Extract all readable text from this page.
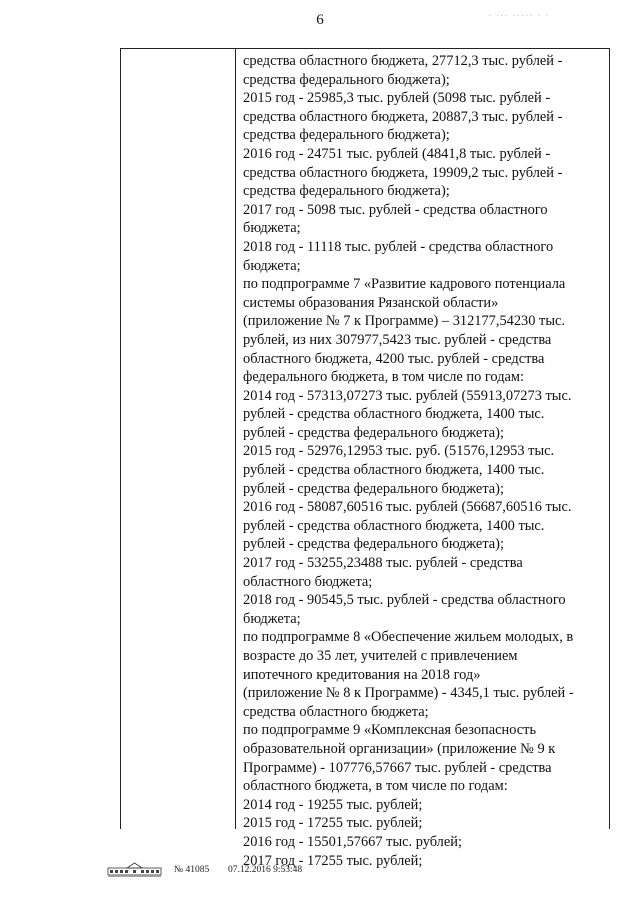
6	· ··· ····· · ·
средства областного бюджета, 27712,3 тыс. рублей -
средства федерального бюджета);
2015 год - 25985,3 тыс. рублей (5098 тыс. рублей -
средства областного бюджета, 20887,3 тыс. рублей -
средства федерального бюджета);
2016 год - 24751 тыс. рублей (4841,8 тыс. рублей -
средства областного бюджета, 19909,2 тыс. рублей -
средства федерального бюджета);
2017 год - 5098 тыс. рублей - средства областного
бюджета;
2018 год - 11118 тыс. рублей - средства областного
бюджета;
по подпрограмме 7 «Развитие кадрового потенциала
системы образования Рязанской области»
(приложение № 7 к Программе) – 312177,54230 тыс.
рублей, из них 307977,5423 тыс. рублей - средства
областного бюджета, 4200 тыс. рублей - средства
федерального бюджета, в том числе по годам:
2014 год - 57313,07273 тыс. рублей (55913,07273 тыс.
рублей - средства областного бюджета, 1400 тыс.
рублей - средства федерального бюджета);
2015 год - 52976,12953 тыс. руб. (51576,12953 тыс.
рублей - средства областного бюджета, 1400 тыс.
рублей - средства федерального бюджета);
2016 год - 58087,60516 тыс. рублей (56687,60516 тыс.
рублей - средства областного бюджета, 1400 тыс.
рублей - средства федерального бюджета);
2017 год - 53255,23488 тыс. рублей - средства
областного бюджета;
2018 год - 90545,5 тыс. рублей - средства областного
бюджета;
по подпрограмме 8 «Обеспечение жильем молодых, в
возрасте до 35 лет, учителей с привлечением
ипотечного кредитования на 2018 год»
(приложение № 8 к Программе) - 4345,1 тыс. рублей -
средства областного бюджета;
по подпрограмме 9 «Комплексная безопасность
образовательной организации» (приложение № 9 к
Программе) - 107776,57667 тыс. рублей - средства
областного бюджета, в том числе по годам:
2014 год - 19255 тыс. рублей;
2015 год - 17255 тыс. рублей;
2016 год - 15501,57667 тыс. рублей;
2017 год - 17255 тыс. рублей;
№ 41085 07.12.2016 9:53:48
